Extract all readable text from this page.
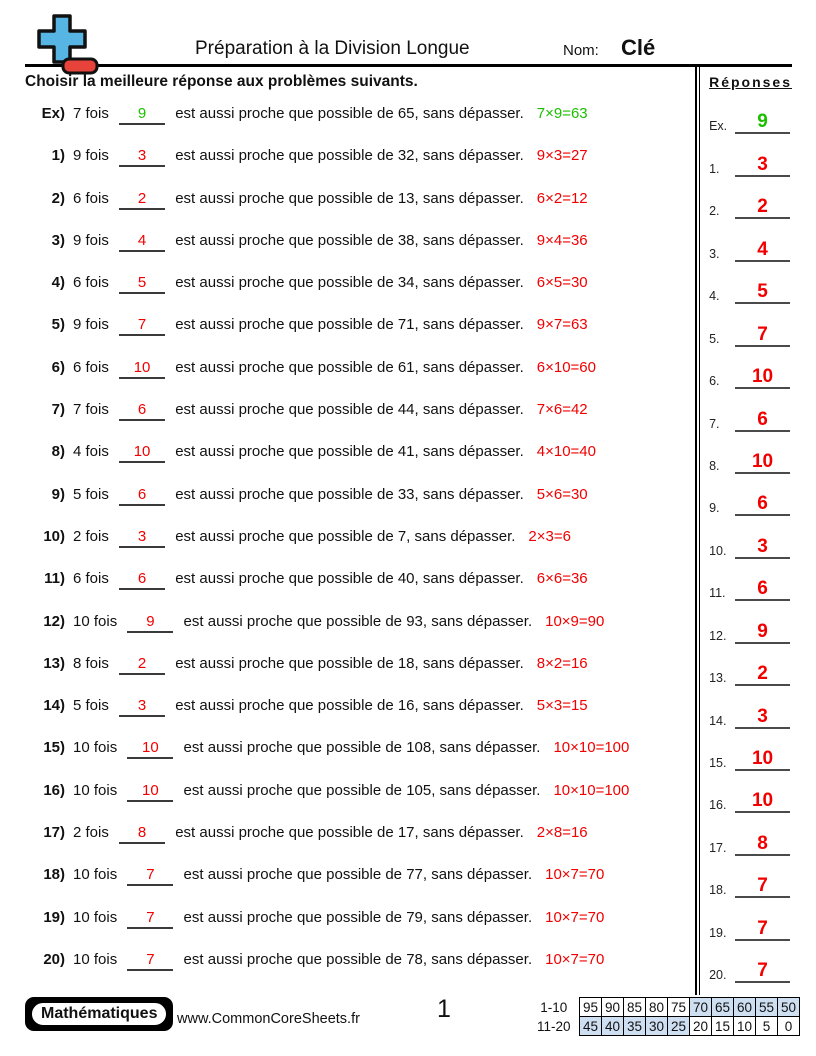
Préparation à la Division Longue	Nom: Clé
Choisir la meilleure réponse aux problèmes suivants.
Ex) 7 fois 9 est aussi proche que possible de 65, sans dépasser. 7×9=63
1) 9 fois 3 est aussi proche que possible de 32, sans dépasser. 9×3=27
2) 6 fois 2 est aussi proche que possible de 13, sans dépasser. 6×2=12
3) 9 fois 4 est aussi proche que possible de 38, sans dépasser. 9×4=36
4) 6 fois 5 est aussi proche que possible de 34, sans dépasser. 6×5=30
5) 9 fois 7 est aussi proche que possible de 71, sans dépasser. 9×7=63
6) 6 fois 10 est aussi proche que possible de 61, sans dépasser. 6×10=60
7) 7 fois 6 est aussi proche que possible de 44, sans dépasser. 7×6=42
8) 4 fois 10 est aussi proche que possible de 41, sans dépasser. 4×10=40
9) 5 fois 6 est aussi proche que possible de 33, sans dépasser. 5×6=30
10) 2 fois 3 est aussi proche que possible de 7, sans dépasser. 2×3=6
11) 6 fois 6 est aussi proche que possible de 40, sans dépasser. 6×6=36
12) 10 fois 9 est aussi proche que possible de 93, sans dépasser. 10×9=90
13) 8 fois 2 est aussi proche que possible de 18, sans dépasser. 8×2=16
14) 5 fois 3 est aussi proche que possible de 16, sans dépasser. 5×3=15
15) 10 fois 10 est aussi proche que possible de 108, sans dépasser. 10×10=100
16) 10 fois 10 est aussi proche que possible de 105, sans dépasser. 10×10=100
17) 2 fois 8 est aussi proche que possible de 17, sans dépasser. 2×8=16
18) 10 fois 7 est aussi proche que possible de 77, sans dépasser. 10×7=70
19) 10 fois 7 est aussi proche que possible de 79, sans dépasser. 10×7=70
20) 10 fois 7 est aussi proche que possible de 78, sans dépasser. 10×7=70
Réponses
Ex.	9
1.	3
2.	2
3.	4
4.	5
5.	7
6.	10
7.	6
8.	10
9.	6
10.	3
11.	6
12.	9
13.	2
14.	3
15.	10
16.	10
17.	8
18.	7
19.	7
20.	7
Mathématiques	www.CommonCoreSheets.fr	1	1-10	95	90	85	80	75	70	65	60	55	50
11-20	45	40	35	30	25	20	15	10	5	0
